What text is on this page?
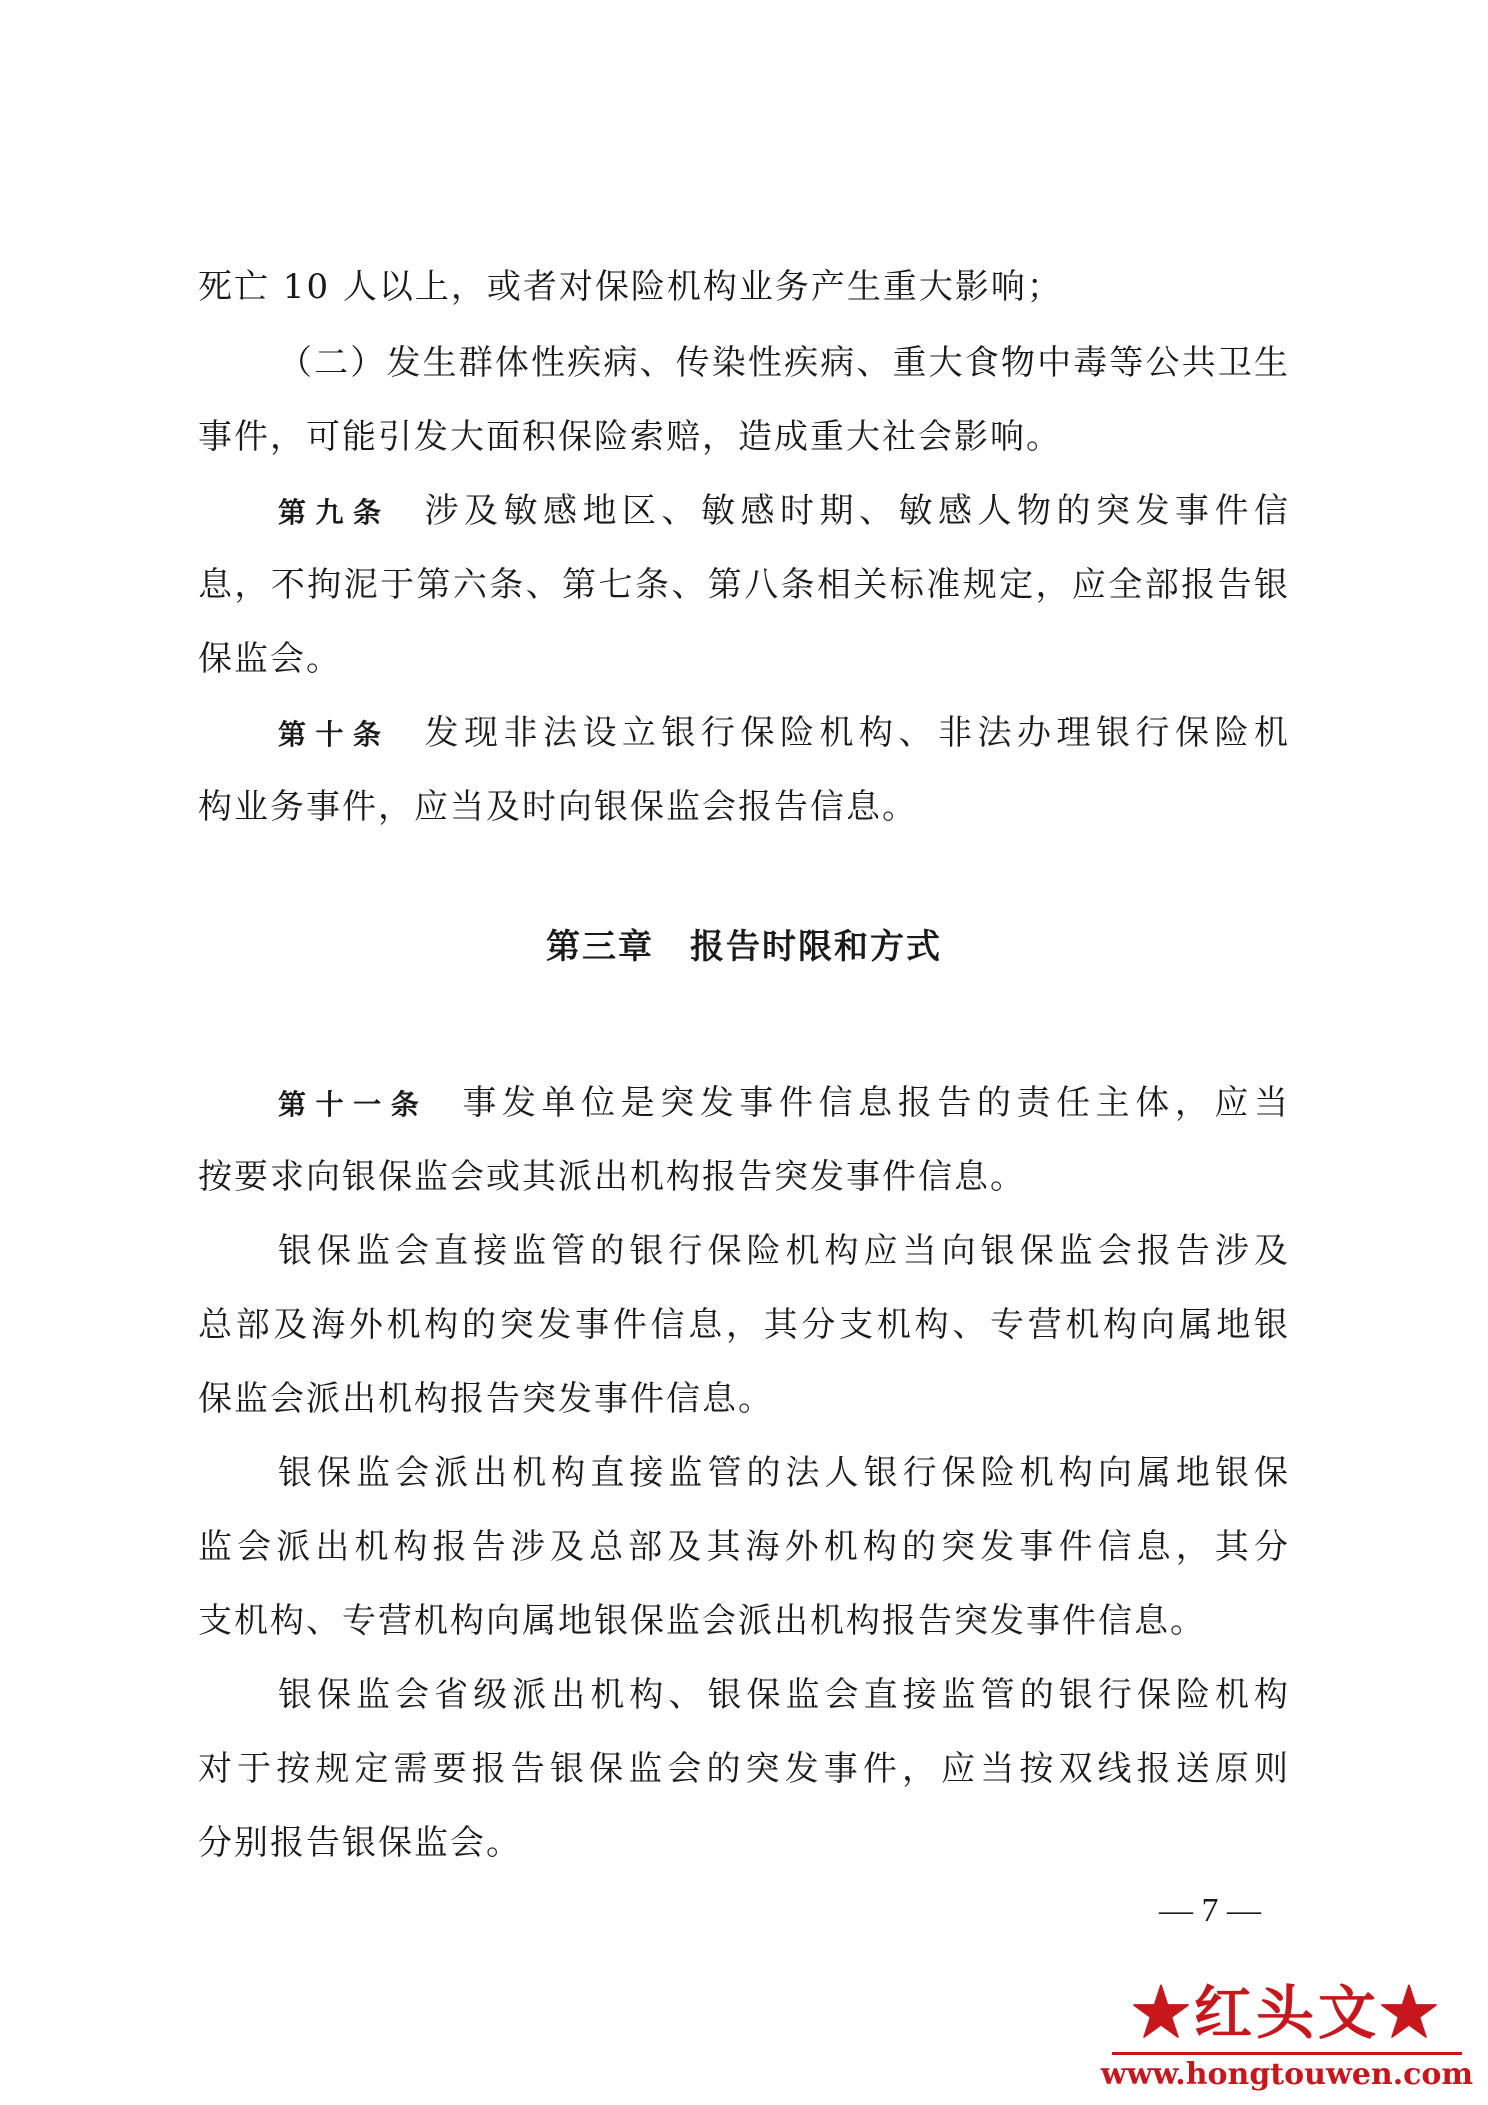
死亡 10 人以上，或者对保险机构业务产生重大影响；
（二）发生群体性疾病、传染性疾病、重大食物中毒等公共卫生
事件，可能引发大面积保险索赔，造成重大社会影响。
第九条 涉及敏感地区、敏感时期、敏感人物的突发事件信
息，不拘泥于第六条、第七条、第八条相关标准规定，应全部报告银
保监会。
第十条 发现非法设立银行保险机构、非法办理银行保险机
构业务事件，应当及时向银保监会报告信息。
第三章　报告时限和方式
第十一条 事发单位是突发事件信息报告的责任主体，应当
按要求向银保监会或其派出机构报告突发事件信息。
银保监会直接监管的银行保险机构应当向银保监会报告涉及
总部及海外机构的突发事件信息，其分支机构、专营机构向属地银
保监会派出机构报告突发事件信息。
银保监会派出机构直接监管的法人银行保险机构向属地银保
监会派出机构报告涉及总部及其海外机构的突发事件信息，其分
支机构、专营机构向属地银保监会派出机构报告突发事件信息。
银保监会省级派出机构、银保监会直接监管的银行保险机构
对于按规定需要报告银保监会的突发事件，应当按双线报送原则
分别报告银保监会。
— 7 —
★红头文★
www.hongtouwen.com
